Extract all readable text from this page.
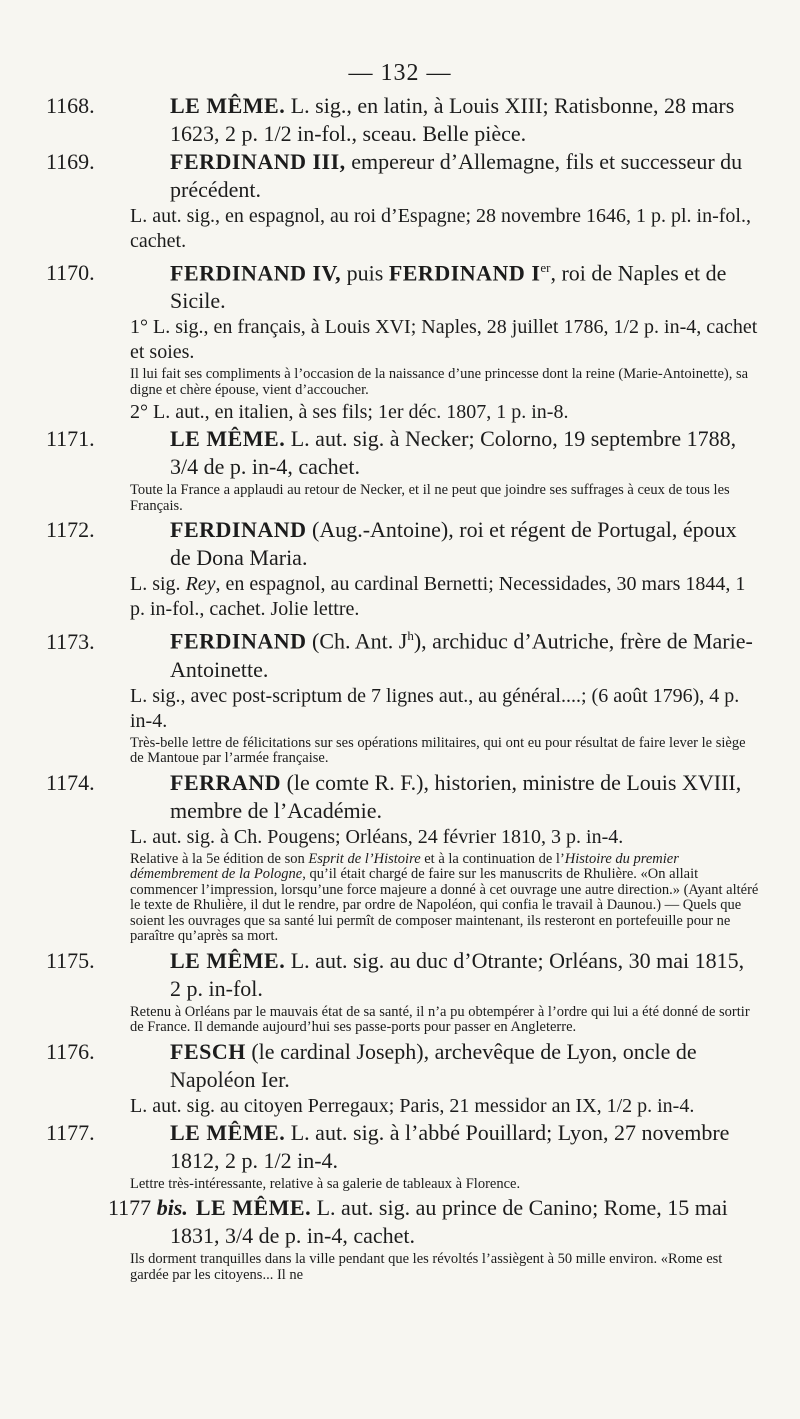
— 132 —

1168.	LE MÊME. L. sig., en latin, à Louis XIII; Ratisbonne, 28 mars 1623, 2 p. 1/2 in-fol., sceau. Belle pièce.

1169.	FERDINAND III, empereur d’Allemagne, fils et successeur du précédent.

L. aut. sig., en espagnol, au roi d’Espagne; 28 novembre 1646, 1 p. pl. in-fol., cachet.

1170.	FERDINAND IV, puis FERDINAND Ier, roi de Naples et de Sicile.

1° L. sig., en français, à Louis XVI; Naples, 28 juillet 1786, 1/2 p. in-4, cachet et soies.

Il lui fait ses compliments à l’occasion de la naissance d’une princesse dont la reine (Marie-Antoinette), sa digne et chère épouse, vient d’accoucher.

2° L. aut., en italien, à ses fils; 1er déc. 1807, 1 p. in-8.

1171.	LE MÊME. L. aut. sig. à Necker; Colorno, 19 septembre 1788, 3/4 de p. in-4, cachet.

Toute la France a applaudi au retour de Necker, et il ne peut que joindre ses suffrages à ceux de tous les Français.

1172.	FERDINAND (Aug.-Antoine), roi et régent de Portugal, époux de Dona Maria.

L. sig. Rey, en espagnol, au cardinal Bernetti; Necessidades, 30 mars 1844, 1 p. in-fol., cachet. Jolie lettre.

1173.	FERDINAND (Ch. Ant. $J^h$), archiduc d’Autriche, frère de Marie-Antoinette.

L. sig., avec post-scriptum de 7 lignes aut., au général....; (6 août 1796), 4 p. in-4.

Très-belle lettre de félicitations sur ses opérations militaires, qui ont eu pour résultat de faire lever le siège de Mantoue par l’armée française.

1174.	FERRAND (le comte R. F.), historien, ministre de Louis XVIII, membre de l’Académie.

L. aut. sig. à Ch. Pougens; Orléans, 24 février 1810, 3 p. in-4.

Relative à la 5e édition de son Esprit de l’Histoire et à la continuation de l’Histoire du premier démembrement de la Pologne, qu’il était chargé de faire sur les manuscrits de Rhulière. «On allait commencer l’impression, lorsqu’une force majeure a donné à cet ouvrage une autre direction.» (Ayant altéré le texte de Rhulière, il dut le rendre, par ordre de Napoléon, qui confia le travail à Daunou.) — Quels que soient les ouvrages que sa santé lui permît de composer maintenant, ils resteront en portefeuille pour ne paraître qu’après sa mort.

1175.	LE MÊME. L. aut. sig. au duc d’Otrante; Orléans, 30 mai 1815, 2 p. in-fol.

Retenu à Orléans par le mauvais état de sa santé, il n’a pu obtempérer à l’ordre qui lui a été donné de sortir de France. Il demande aujourd’hui ses passe-ports pour passer en Angleterre.

1176.	FESCH (le cardinal Joseph), archevêque de Lyon, oncle de Napoléon Ier.

L. aut. sig. au citoyen Perregaux; Paris, 21 messidor an IX, 1/2 p. in-4.

1177.	LE MÊME. L. aut. sig. à l’abbé Pouillard; Lyon, 27 novembre 1812, 2 p. 1/2 in-4.

Lettre très-intéressante, relative à sa galerie de tableaux à Florence.

1177 bis. LE MÊME. L. aut. sig. au prince de Canino; Rome, 15 mai 1831, 3/4 de p. in-4, cachet.

Ils dorment tranquilles dans la ville pendant que les révoltés l’assiègent à 50 mille environ. «Rome est gardée par les citoyens... Il ne
